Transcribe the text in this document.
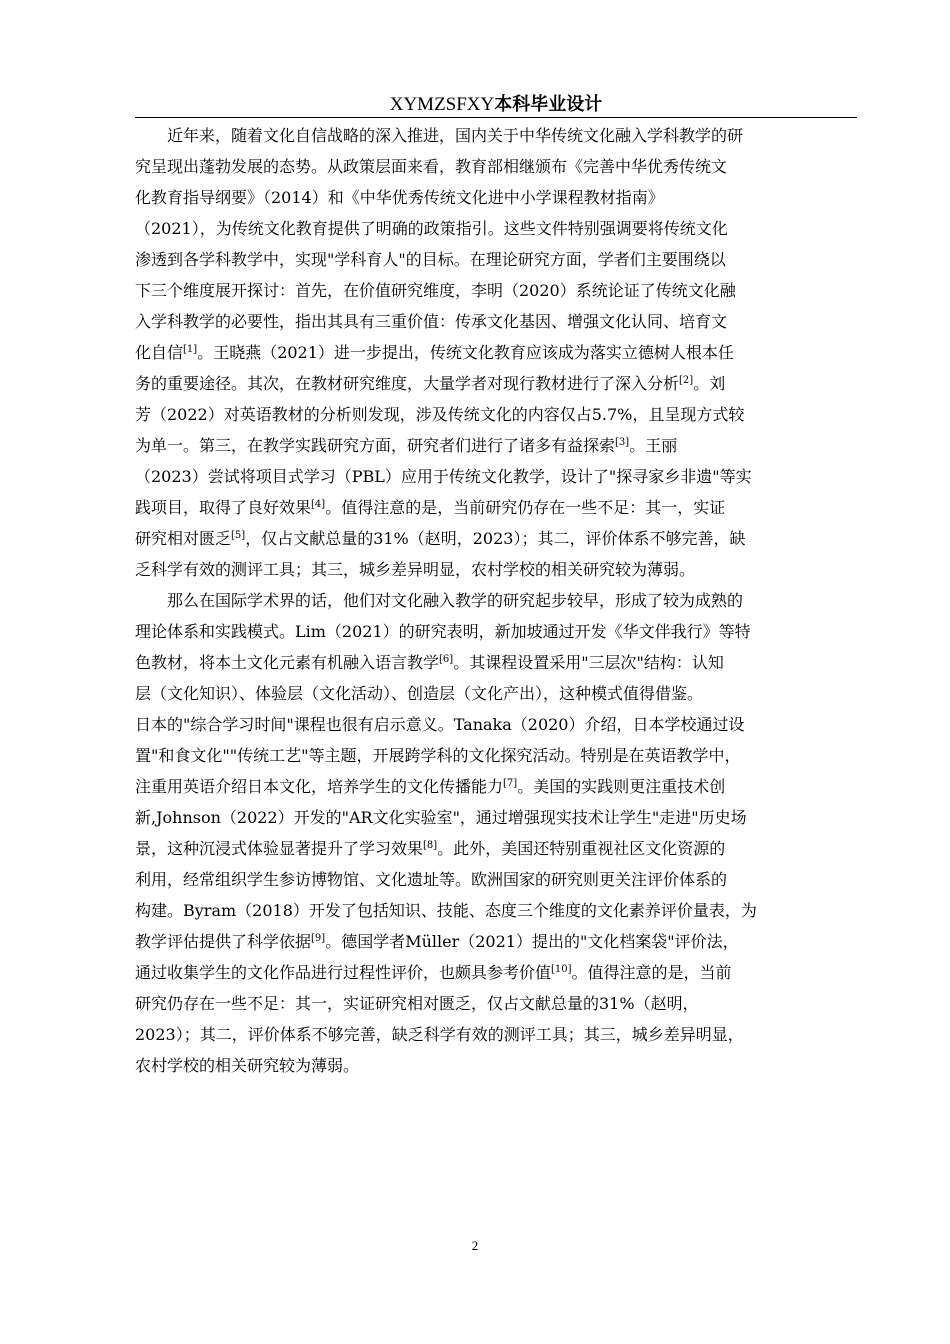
XYMZSFXY本科毕业设计
　　近年来，随着文化自信战略的深入推进，国内关于中华传统文化融入学科教学的研
究呈现出蓬勃发展的态势。从政策层面来看，教育部相继颁布《完善中华优秀传统文
化教育指导纲要》（2014）和《中华优秀传统文化进中小学课程教材指南》
（2021），为传统文化教育提供了明确的政策指引。这些文件特别强调要将传统文化
渗透到各学科教学中，实现"学科育人"的目标。在理论研究方面，学者们主要围绕以
下三个维度展开探讨：首先，在价值研究维度，李明（2020）系统论证了传统文化融
入学科教学的必要性，指出其具有三重价值：传承文化基因、增强文化认同、培育文
化自信[1]。王晓燕（2021）进一步提出，传统文化教育应该成为落实立德树人根本任
务的重要途径。其次，在教材研究维度，大量学者对现行教材进行了深入分析[2]。刘
芳（2022）对英语教材的分析则发现，涉及传统文化的内容仅占5.7%，且呈现方式较
为单一。第三，在教学实践研究方面，研究者们进行了诸多有益探索[3]。王丽
（2023）尝试将项目式学习（PBL）应用于传统文化教学，设计了"探寻家乡非遗"等实
践项目，取得了良好效果[4]。值得注意的是，当前研究仍存在一些不足：其一，实证
研究相对匮乏[5]，仅占文献总量的31%（赵明，2023）；其二，评价体系不够完善，缺
乏科学有效的测评工具；其三，城乡差异明显，农村学校的相关研究较为薄弱。
　　那么在国际学术界的话，他们对文化融入教学的研究起步较早，形成了较为成熟的
理论体系和实践模式。Lim（2021）的研究表明，新加坡通过开发《华文伴我行》等特
色教材，将本土文化元素有机融入语言教学[6]。其课程设置采用"三层次"结构：认知
层（文化知识）、体验层（文化活动）、创造层（文化产出），这种模式值得借鉴。
日本的"综合学习时间"课程也很有启示意义。Tanaka（2020）介绍，日本学校通过设
置"和食文化""传统工艺"等主题，开展跨学科的文化探究活动。特别是在英语教学中，
注重用英语介绍日本文化，培养学生的文化传播能力[7]。美国的实践则更注重技术创
新,Johnson（2022）开发的"AR文化实验室"，通过增强现实技术让学生"走进"历史场
景，这种沉浸式体验显著提升了学习效果[8]。此外，美国还特别重视社区文化资源的
利用，经常组织学生参访博物馆、文化遗址等。欧洲国家的研究则更关注评价体系的
构建。Byram（2018）开发了包括知识、技能、态度三个维度的文化素养评价量表，为
教学评估提供了科学依据[9]。德国学者Müller（2021）提出的"文化档案袋"评价法，
通过收集学生的文化作品进行过程性评价，也颇具参考价值[10]。值得注意的是，当前
研究仍存在一些不足：其一，实证研究相对匮乏，仅占文献总量的31%（赵明，
2023）；其二，评价体系不够完善，缺乏科学有效的测评工具；其三，城乡差异明显，
农村学校的相关研究较为薄弱。
2
